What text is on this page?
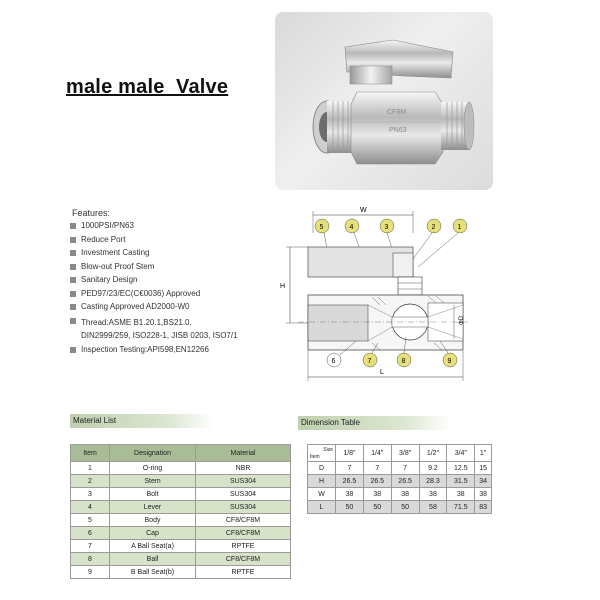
male male  Valve
CF8M
PN63
Features:
1000PSI/PN63
Reduce Port
Investment Casting
Blow-out Proof Stem
Sanitary Design
PED97/23/EC(C€0036) Approved
Casting Approved AD2000-W0
Thread:ASME B1.20.1,BS21.0,
DIN2999/259, ISO228-1, JISB 0203, ISO7/1
Inspection Testing:API598,EN12266
W
5	4	3	2	1
H
ΦD
6	7	8	9
L
Material List
Item	Designation	Material
1	O-ring	NBR
2	Stem	SUS304
3	Bolt	SUS304
4	Lever	SUS304
5	Body	CF8/CF8M
6	Cap	CF8/CF8M
7	A Ball Seat(a)	RPTFE
8	Ball	CF8/CF8M
9	B Ball Seat(b)	RPTFE
Dimension Table
Size
Item	1/8"	1/4"	3/8"	1/2"	3/4"	1"
D	7	7	7	9.2	12.5	15
H	26.5	26.5	26.5	28.3	31.5	34
W	38	38	38	38	38	38
L	50	50	50	58	71.5	83
